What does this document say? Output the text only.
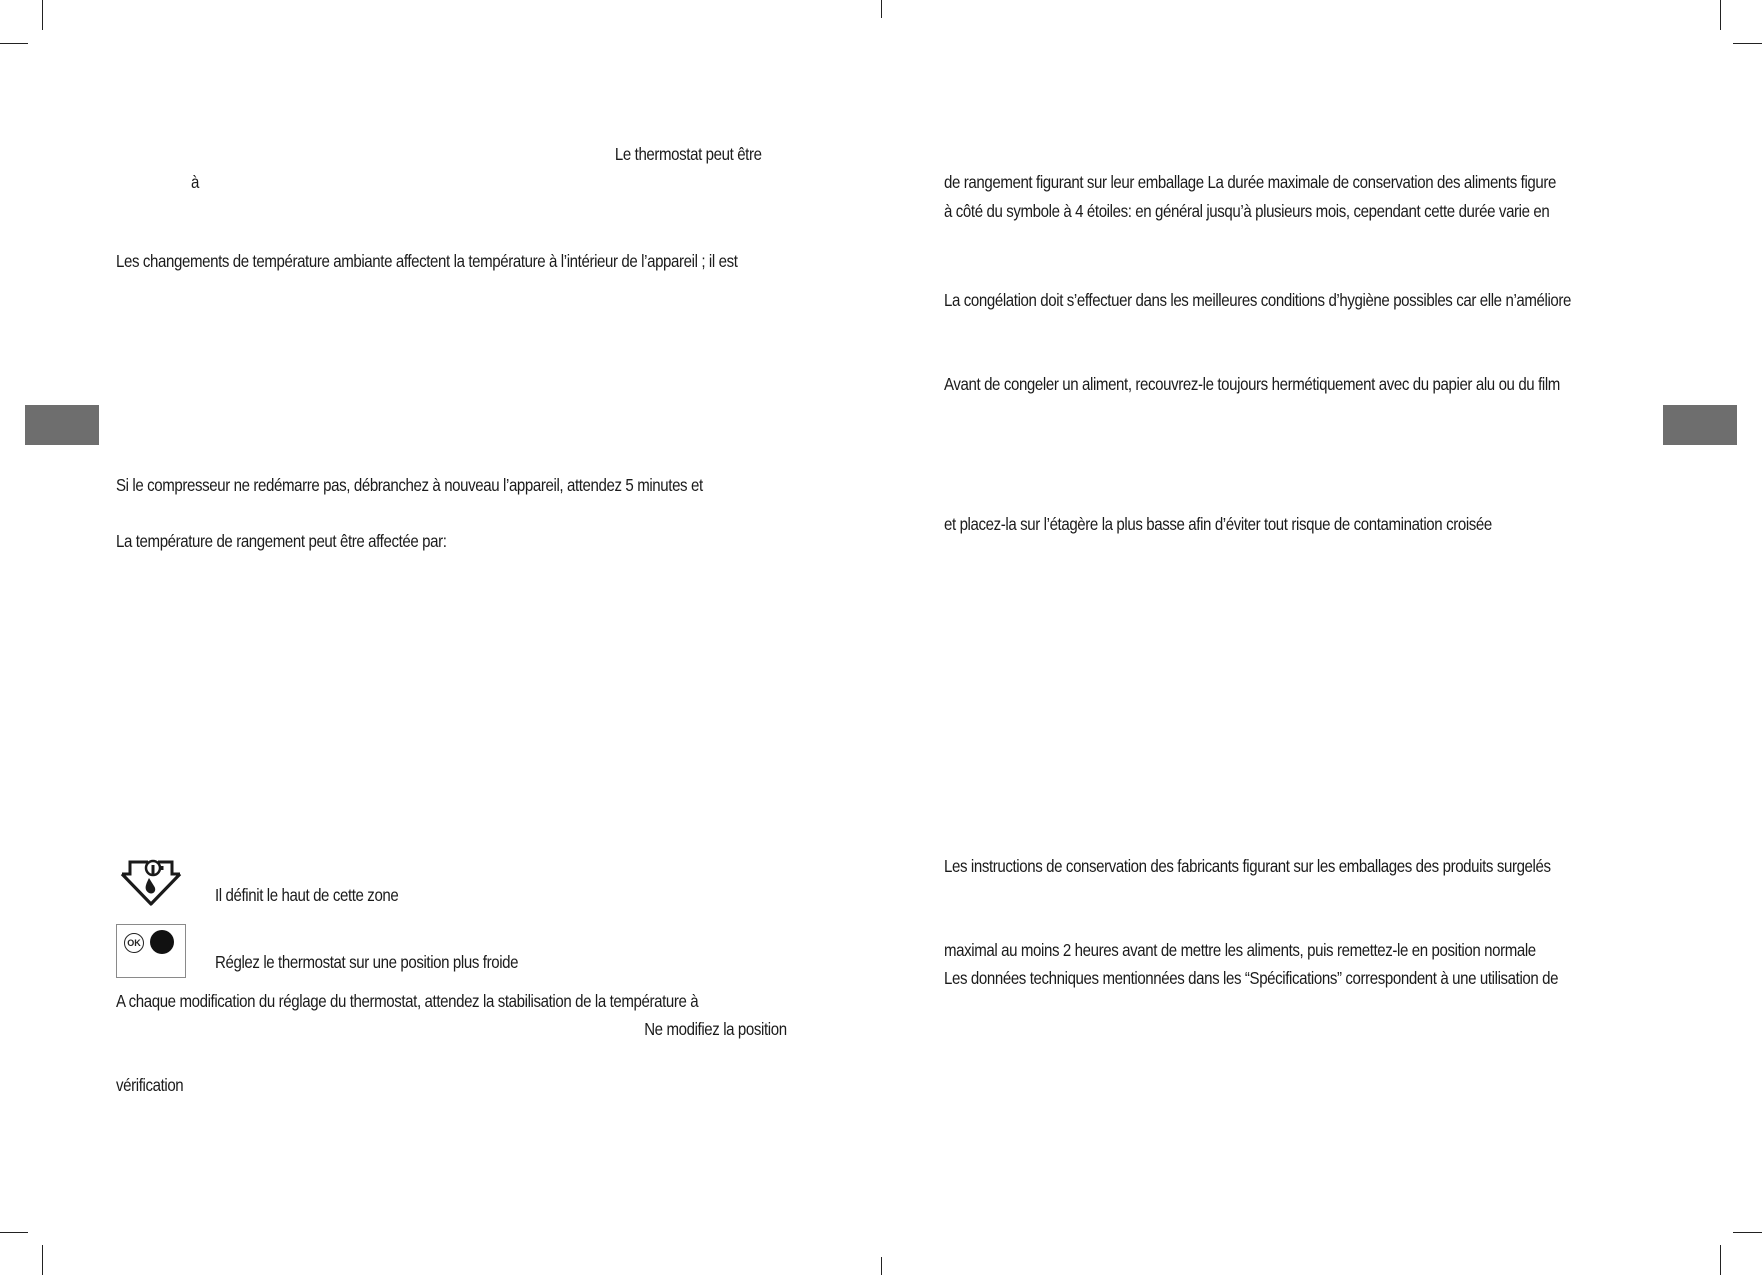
Le thermostat peut être
à
Les changements de température ambiante affectent la température à l’intérieur de l’appareil ; il est
Si le compresseur ne redémarre pas, débranchez à nouveau l’appareil, attendez 5 minutes et
La température de rangement peut être affectée par:
Il définit le haut de cette zone
OK
Réglez le thermostat sur une position plus froide
A chaque modification du réglage du thermostat, attendez la stabilisation de la température à
Ne modifiez la position
vérification
de rangement figurant sur leur emballage La durée maximale de conservation des aliments figure
à côté du symbole à 4 étoiles: en général jusqu’à plusieurs mois, cependant cette durée varie en
La congélation doit s’effectuer dans les meilleures conditions d’hygiène possibles car elle n’améliore
Avant de congeler un aliment, recouvrez-le toujours hermétiquement avec du papier alu ou du film
et placez-la sur l’étagère la plus basse afin d’éviter tout risque de contamination croisée
Les instructions de conservation des fabricants figurant sur les emballages des produits surgelés
maximal au moins 2 heures avant de mettre les aliments, puis remettez-le en position normale
Les données techniques mentionnées dans les “Spécifications” correspondent à une utilisation de
